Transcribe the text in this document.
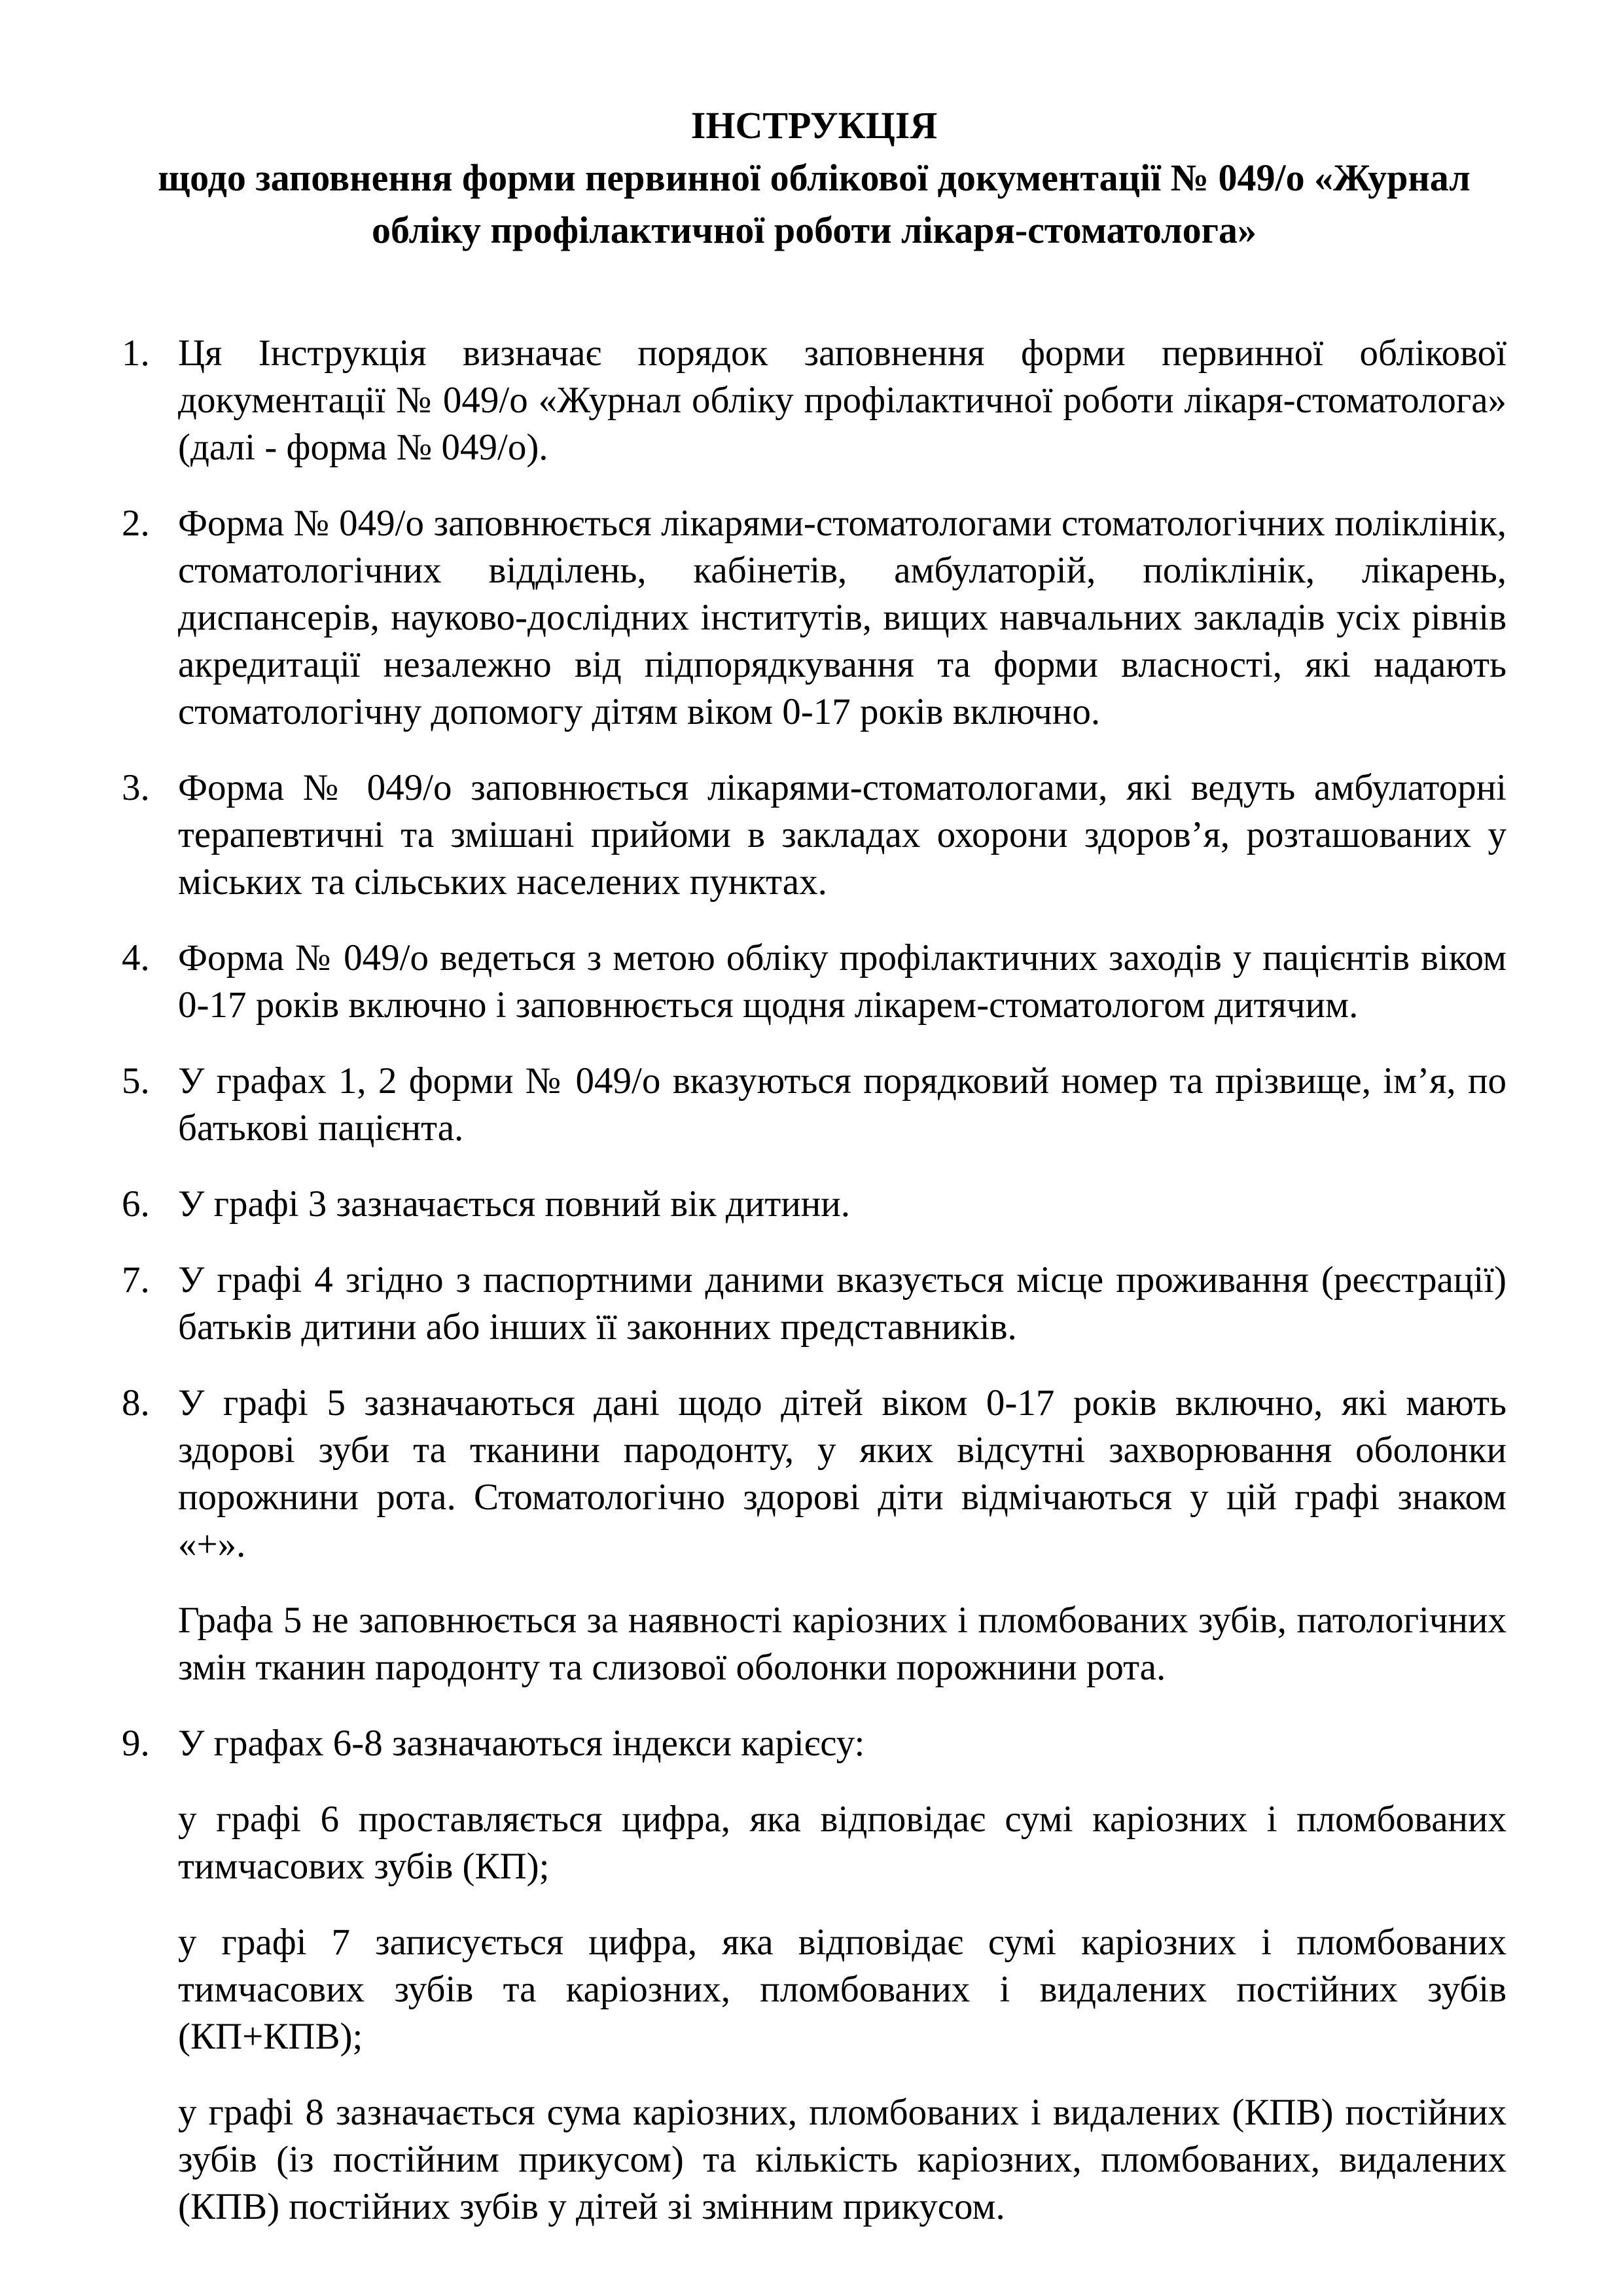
ІНСТРУКЦІЯ
щодо заповнення форми первинної облікової документації № 049/о «Журнал
обліку профілактичної роботи лікаря-стоматолога»
1. Ця Інструкція визначає порядок заповнення форми первинної облікової документації № 049/о «Журнал обліку профілактичної роботи лікаря-стоматолога» (далі - форма № 049/о).

2. Форма № 049/о заповнюється лікарями-стоматологами стоматологічних поліклінік, стоматологічних відділень, кабінетів, амбулаторій, поліклінік, лікарень, диспансерів, науково-дослідних інститутів, вищих навчальних закладів усіх рівнів акредитації незалежно від підпорядкування та форми власності, які надають стоматологічну допомогу дітям віком 0-17 років включно.

3. Форма № 049/о заповнюється лікарями-стоматологами, які ведуть амбулаторні терапевтичні та змішані прийоми в закладах охорони здоров’я, розташованих у міських та сільських населених пунктах.

4. Форма № 049/о ведеться з метою обліку профілактичних заходів у пацієнтів віком 0-17 років включно і заповнюється щодня лікарем-стоматологом дитячим.

5. У графах 1, 2 форми № 049/о вказуються порядковий номер та прізвище, ім’я, по батькові пацієнта.

6. У графі 3 зазначається повний вік дитини.

7. У графі 4 згідно з паспортними даними вказується місце проживання (реєстрації) батьків дитини або інших її законних представників.

8. У графі 5 зазначаються дані щодо дітей віком 0-17 років включно, які мають здорові зуби та тканини пародонту, у яких відсутні захворювання оболонки порожнини рота. Стоматологічно здорові діти відмічаються у цій графі знаком «+».

Графа 5 не заповнюється за наявності каріозних і пломбованих зубів, патологічних змін тканин пародонту та слизової оболонки порожнини рота.

9. У графах 6-8 зазначаються індекси карієсу:

у графі 6 проставляється цифра, яка відповідає сумі каріозних і пломбованих тимчасових зубів (КП);

у графі 7 записується цифра, яка відповідає сумі каріозних і пломбованих тимчасових зубів та каріозних, пломбованих і видалених постійних зубів (КП+КПВ);

у графі 8 зазначається сума каріозних, пломбованих і видалених (КПВ) постійних зубів (із постійним прикусом) та кількість каріозних, пломбованих, видалених (КПВ) постійних зубів у дітей зі змінним прикусом.
